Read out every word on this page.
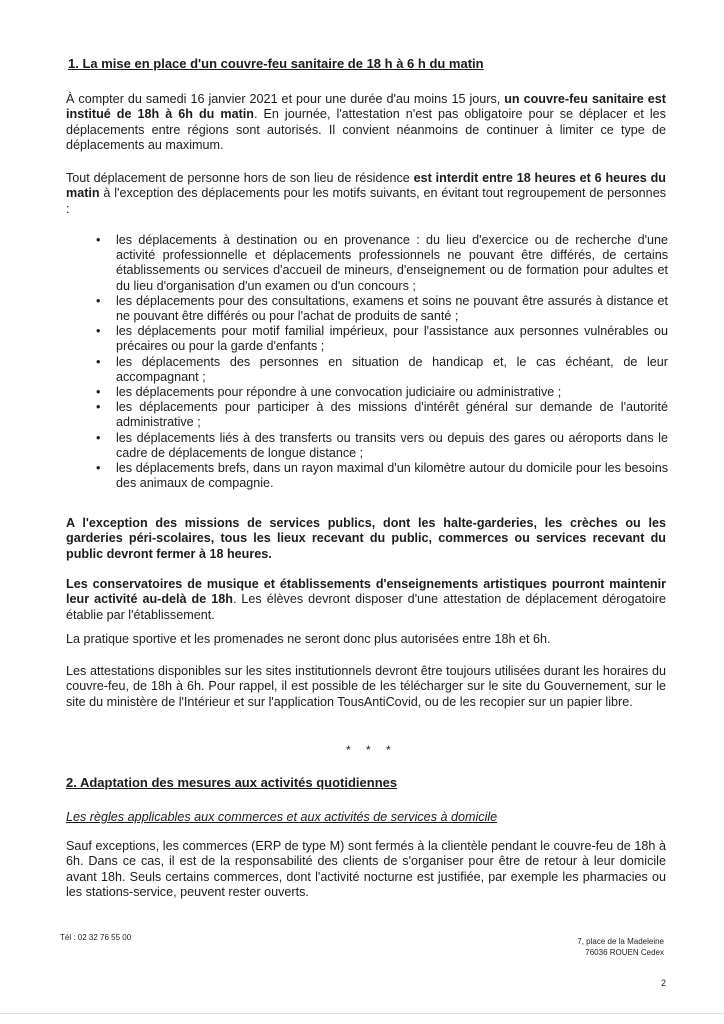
1. La mise en place d'un couvre-feu sanitaire de 18 h à 6 h du matin
À compter du samedi 16 janvier 2021 et pour une durée d'au moins 15 jours, un couvre-feu sanitaire est institué de 18h à 6h du matin. En journée, l'attestation n'est pas obligatoire pour se déplacer et les déplacements entre régions sont autorisés. Il convient néanmoins de continuer à limiter ce type de déplacements au maximum.
Tout déplacement de personne hors de son lieu de résidence est interdit entre 18 heures et 6 heures du matin à l'exception des déplacements pour les motifs suivants, en évitant tout regroupement de personnes :
• les déplacements à destination ou en provenance : du lieu d'exercice ou de recherche d'une activité professionnelle et déplacements professionnels ne pouvant être différés, de certains établissements ou services d'accueil de mineurs, d'enseignement ou de formation pour adultes et du lieu d'organisation d'un examen ou d'un concours ;
• les déplacements pour des consultations, examens et soins ne pouvant être assurés à distance et ne pouvant être différés ou pour l'achat de produits de santé ;
• les déplacements pour motif familial impérieux, pour l'assistance aux personnes vulnérables ou précaires ou pour la garde d'enfants ;
• les déplacements des personnes en situation de handicap et, le cas échéant, de leur accompagnant ;
• les déplacements pour répondre à une convocation judiciaire ou administrative ;
• les déplacements pour participer à des missions d'intérêt général sur demande de l'autorité administrative ;
• les déplacements liés à des transferts ou transits vers ou depuis des gares ou aéroports dans le cadre de déplacements de longue distance ;
• les déplacements brefs, dans un rayon maximal d'un kilomètre autour du domicile pour les besoins des animaux de compagnie.
A l'exception des missions de services publics, dont les halte-garderies, les crèches ou les garderies péri-scolaires, tous les lieux recevant du public, commerces ou services recevant du public devront fermer à 18 heures.
Les conservatoires de musique et établissements d'enseignements artistiques pourront maintenir leur activité au-delà de 18h. Les élèves devront disposer d'une attestation de déplacement dérogatoire établie par l'établissement.
La pratique sportive et les promenades ne seront donc plus autorisées entre 18h et 6h.
Les attestations disponibles sur les sites institutionnels devront être toujours utilisées durant les horaires du couvre-feu, de 18h à 6h. Pour rappel, il est possible de les télécharger sur le site du Gouvernement, sur le site du ministère de l'Intérieur et sur l'application TousAntiCovid, ou de les recopier sur un papier libre.
* * *
2. Adaptation des mesures aux activités quotidiennes
Les règles applicables aux commerces et aux activités de services à domicile
Sauf exceptions, les commerces (ERP de type M) sont fermés à la clientèle pendant le couvre-feu de 18h à 6h. Dans ce cas, il est de la responsabilité des clients de s'organiser pour être de retour à leur domicile avant 18h. Seuls certains commerces, dont l'activité nocturne est justifiée, par exemple les pharmacies ou les stations-service, peuvent rester ouverts.
Tél : 02 32 76 55 00	7, place de la Madeleine
76036 ROUEN Cedex
2
